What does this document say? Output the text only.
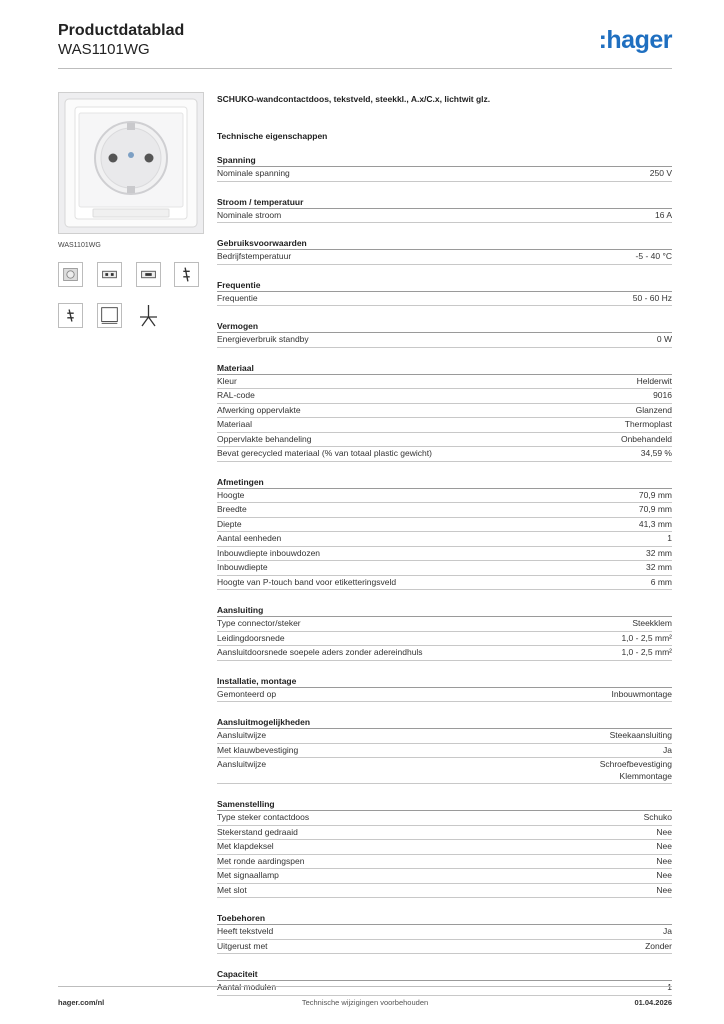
Productdatablad
WAS1101WG	:hager
WAS1101WG
SCHUKO-wandcontactdoos, tekstveld, steekkl., A.x/C.x, lichtwit glz.
Technische eigenschappen
Spanning
Nominale spanning	250 V
Stroom / temperatuur
Nominale stroom	16 A
Gebruiksvoorwaarden
Bedrijfstemperatuur	-5 - 40 °C
Frequentie
Frequentie	50 - 60 Hz
Vermogen
Energieverbruik standby	0 W
Materiaal
Kleur	Helderwit
RAL-code	9016
Afwerking oppervlakte	Glanzend
Materiaal	Thermoplast
Oppervlakte behandeling	Onbehandeld
Bevat gerecycled materiaal (% van totaal plastic gewicht)	34,59 %
Afmetingen
Hoogte	70,9 mm
Breedte	70,9 mm
Diepte	41,3 mm
Aantal eenheden	1
Inbouwdiepte inbouwdozen	32 mm
Inbouwdiepte	32 mm
Hoogte van P-touch band voor etiketteringsveld	6 mm
Aansluiting
Type connector/steker	Steekklem
Leidingdoorsnede	1,0 - 2,5 mm²
Aansluitdoorsnede soepele aders zonder adereindhuls	1,0 - 2,5 mm²
Installatie, montage
Gemonteerd op	Inbouwmontage
Aansluitmogelijkheden
Aansluitwijze	Steekaansluiting
Met klauwbevestiging	Ja
Aansluitwijze	Schroefbevestiging
Klemmontage
Samenstelling
Type steker contactdoos	Schuko
Stekerstand gedraaid	Nee
Met klapdeksel	Nee
Met ronde aardingspen	Nee
Met signaallamp	Nee
Met slot	Nee
Toebehoren
Heeft tekstveld	Ja
Uitgerust met	Zonder
Capaciteit
Aantal modulen	1
hager.com/nl	Technische wijzigingen voorbehouden	01.04.2026
